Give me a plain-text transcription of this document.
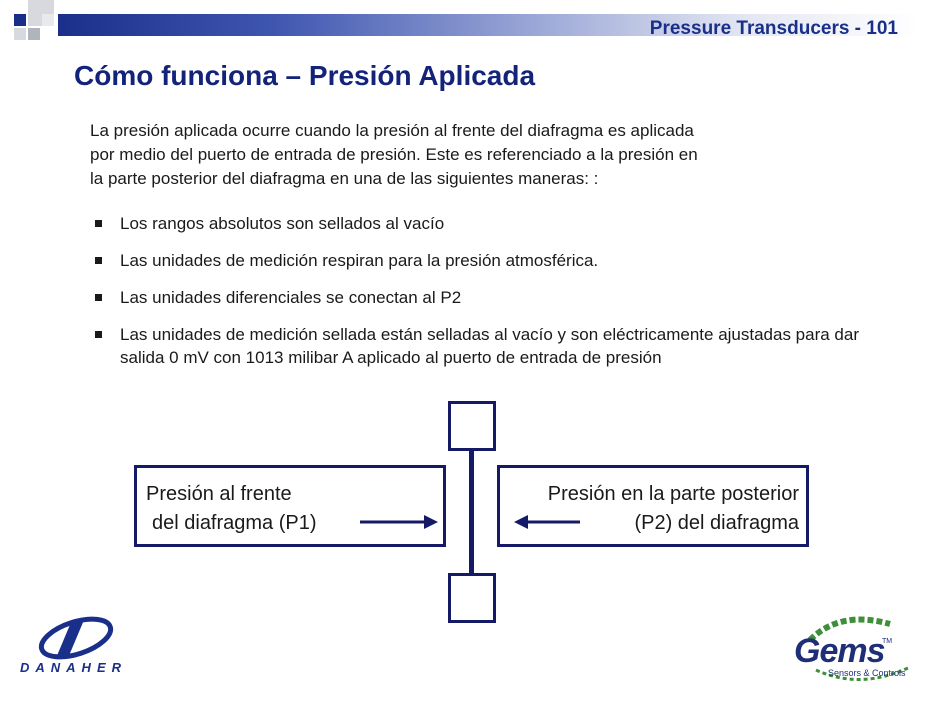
Pressure Transducers - 101
Cómo funciona – Presión Aplicada
La presión aplicada ocurre cuando la presión al frente del diafragma es aplicada
por medio del puerto de entrada de presión. Este es referenciado a la presión en
la parte posterior del diafragma en una de las siguientes maneras: :
Los rangos absolutos son sellados al vacío
Las unidades de medición respiran para la presión atmosférica.
Las unidades diferenciales se conectan al P2
Las unidades de medición sellada están selladas al vacío y son eléctricamente ajustadas para dar salida 0 mV con 1013 milibar A aplicado al puerto de entrada de presión
Presión al frente
del diafragma (P1)
Presión en la parte posterior
(P2) del diafragma
DANAHER	Gems
TM
Sensors & Controls
